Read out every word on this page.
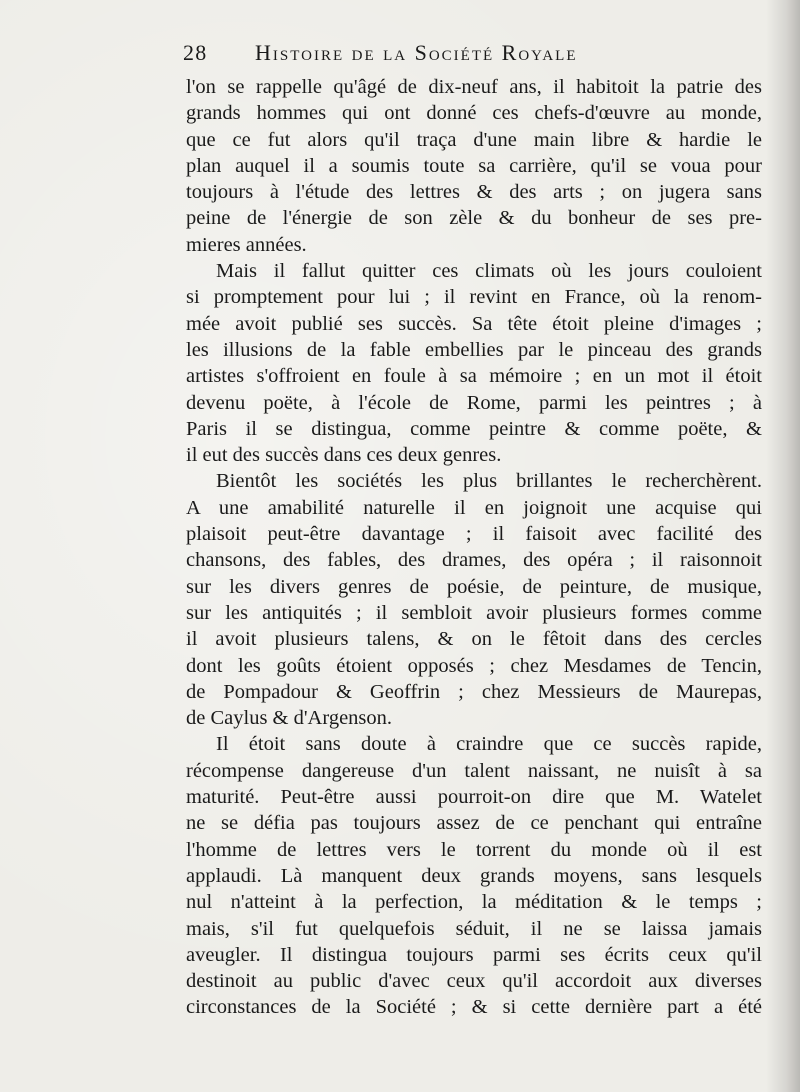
28 Histoire de la Société Royale
l'on se rappelle qu'âgé de dix-neuf ans, il habitoit la patrie des
grands hommes qui ont donné ces chefs-d'œuvre au monde,
que ce fut alors qu'il traça d'une main libre & hardie le
plan auquel il a soumis toute sa carrière, qu'il se voua pour
toujours à l'étude des lettres & des arts ; on jugera sans
peine de l'énergie de son zèle & du bonheur de ses pre-
mieres années.
Mais il fallut quitter ces climats où les jours couloient
si promptement pour lui ; il revint en France, où la renom-
mée avoit publié ses succès. Sa tête étoit pleine d'images ;
les illusions de la fable embellies par le pinceau des grands
artistes s'offroient en foule à sa mémoire ; en un mot il étoit
devenu poëte, à l'école de Rome, parmi les peintres ; à
Paris il se distingua, comme peintre & comme poëte, &
il eut des succès dans ces deux genres.
Bientôt les sociétés les plus brillantes le recherchèrent.
A une amabilité naturelle il en joignoit une acquise qui
plaisoit peut-être davantage ; il faisoit avec facilité des
chansons, des fables, des drames, des opéra ; il raisonnoit
sur les divers genres de poésie, de peinture, de musique,
sur les antiquités ; il sembloit avoir plusieurs formes comme
il avoit plusieurs talens, & on le fêtoit dans des cercles
dont les goûts étoient opposés ; chez Mesdames de Tencin,
de Pompadour & Geoffrin ; chez Messieurs de Maurepas,
de Caylus & d'Argenson.
Il étoit sans doute à craindre que ce succès rapide,
récompense dangereuse d'un talent naissant, ne nuisît à sa
maturité. Peut-être aussi pourroit-on dire que M. Watelet
ne se défia pas toujours assez de ce penchant qui entraîne
l'homme de lettres vers le torrent du monde où il est
applaudi. Là manquent deux grands moyens, sans lesquels
nul n'atteint à la perfection, la méditation & le temps ;
mais, s'il fut quelquefois séduit, il ne se laissa jamais
aveugler. Il distingua toujours parmi ses écrits ceux qu'il
destinoit au public d'avec ceux qu'il accordoit aux diverses
circonstances de la Société ; & si cette dernière part a été
